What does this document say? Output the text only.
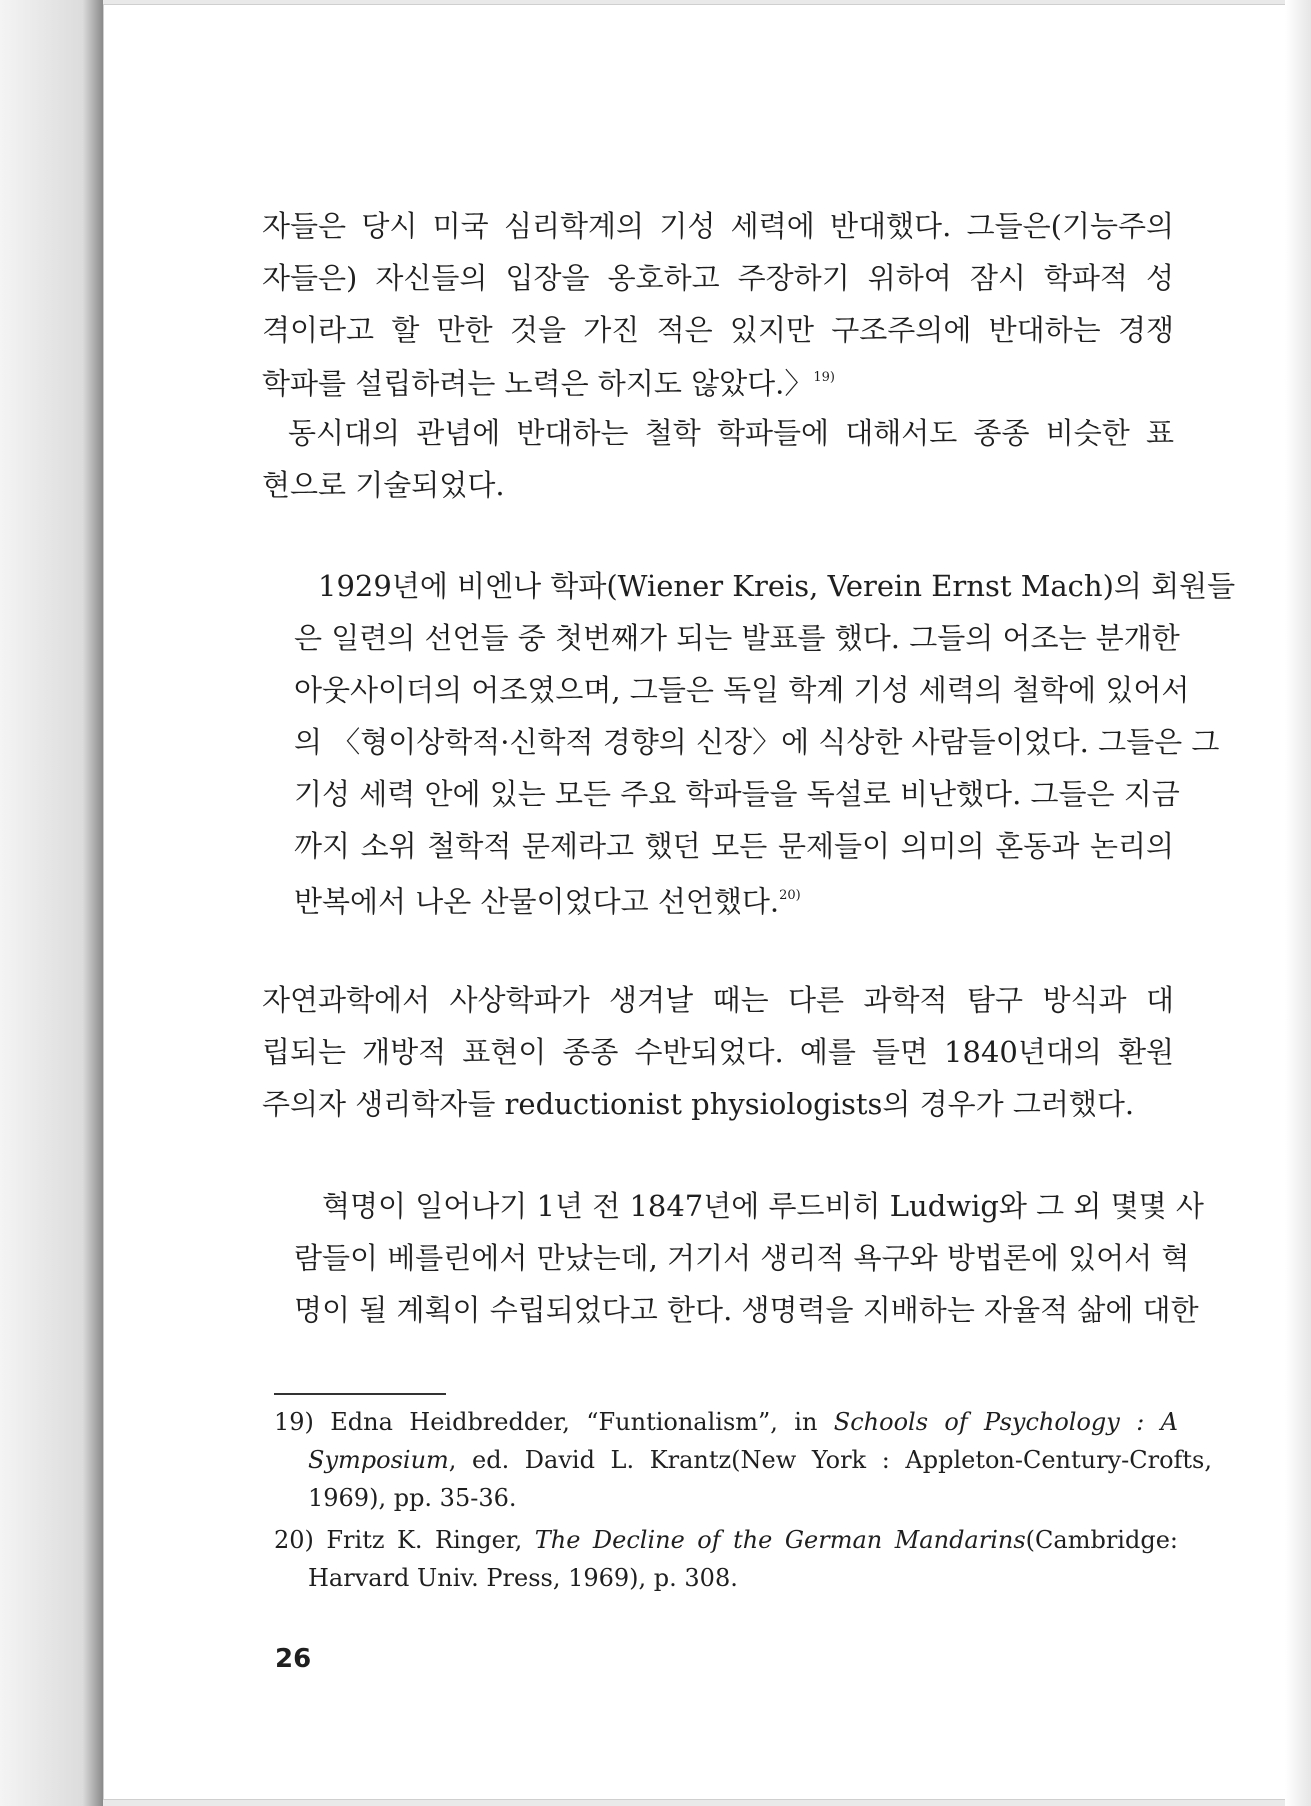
자들은 당시 미국 심리학계의 기성 세력에 반대했다. 그들은(기능주의
자들은) 자신들의 입장을 옹호하고 주장하기 위하여 잠시 학파적 성
격이라고 할 만한 것을 가진 적은 있지만 구조주의에 반대하는 경쟁
학파를 설립하려는 노력은 하지도 않았다.〉$^{19)}$
동시대의 관념에 반대하는 철학 학파들에 대해서도 종종 비슷한 표
현으로 기술되었다.
1929년에 비엔나 학파(Wiener Kreis, Verein Ernst Mach)의 회원들
은 일련의 선언들 중 첫번째가 되는 발표를 했다. 그들의 어조는 분개한
아웃사이더의 어조였으며, 그들은 독일 학계 기성 세력의 철학에 있어서
의 〈형이상학적·신학적 경향의 신장〉에 식상한 사람들이었다. 그들은 그
기성 세력 안에 있는 모든 주요 학파들을 독설로 비난했다. 그들은 지금
까지 소위 철학적 문제라고 했던 모든 문제들이 의미의 혼동과 논리의
반복에서 나온 산물이었다고 선언했다.$^{20)}$
자연과학에서 사상학파가 생겨날 때는 다른 과학적 탐구 방식과 대
립되는 개방적 표현이 종종 수반되었다. 예를 들면 1840년대의 환원
주의자 생리학자들 reductionist physiologists의 경우가 그러했다.
혁명이 일어나기 1년 전 1847년에 루드비히 Ludwig와 그 외 몇몇 사
람들이 베를린에서 만났는데, 거기서 생리적 욕구와 방법론에 있어서 혁
명이 될 계획이 수립되었다고 한다. 생명력을 지배하는 자율적 삶에 대한
19) Edna Heidbredder, “Funtionalism”, in Schools of Psychology : A
Symposium, ed. David L. Krantz(New York : Appleton-Century-Crofts,
1969), pp. 35-36.
20) Fritz K. Ringer, The Decline of the German Mandarins(Cambridge:
Harvard Univ. Press, 1969), p. 308.
26
